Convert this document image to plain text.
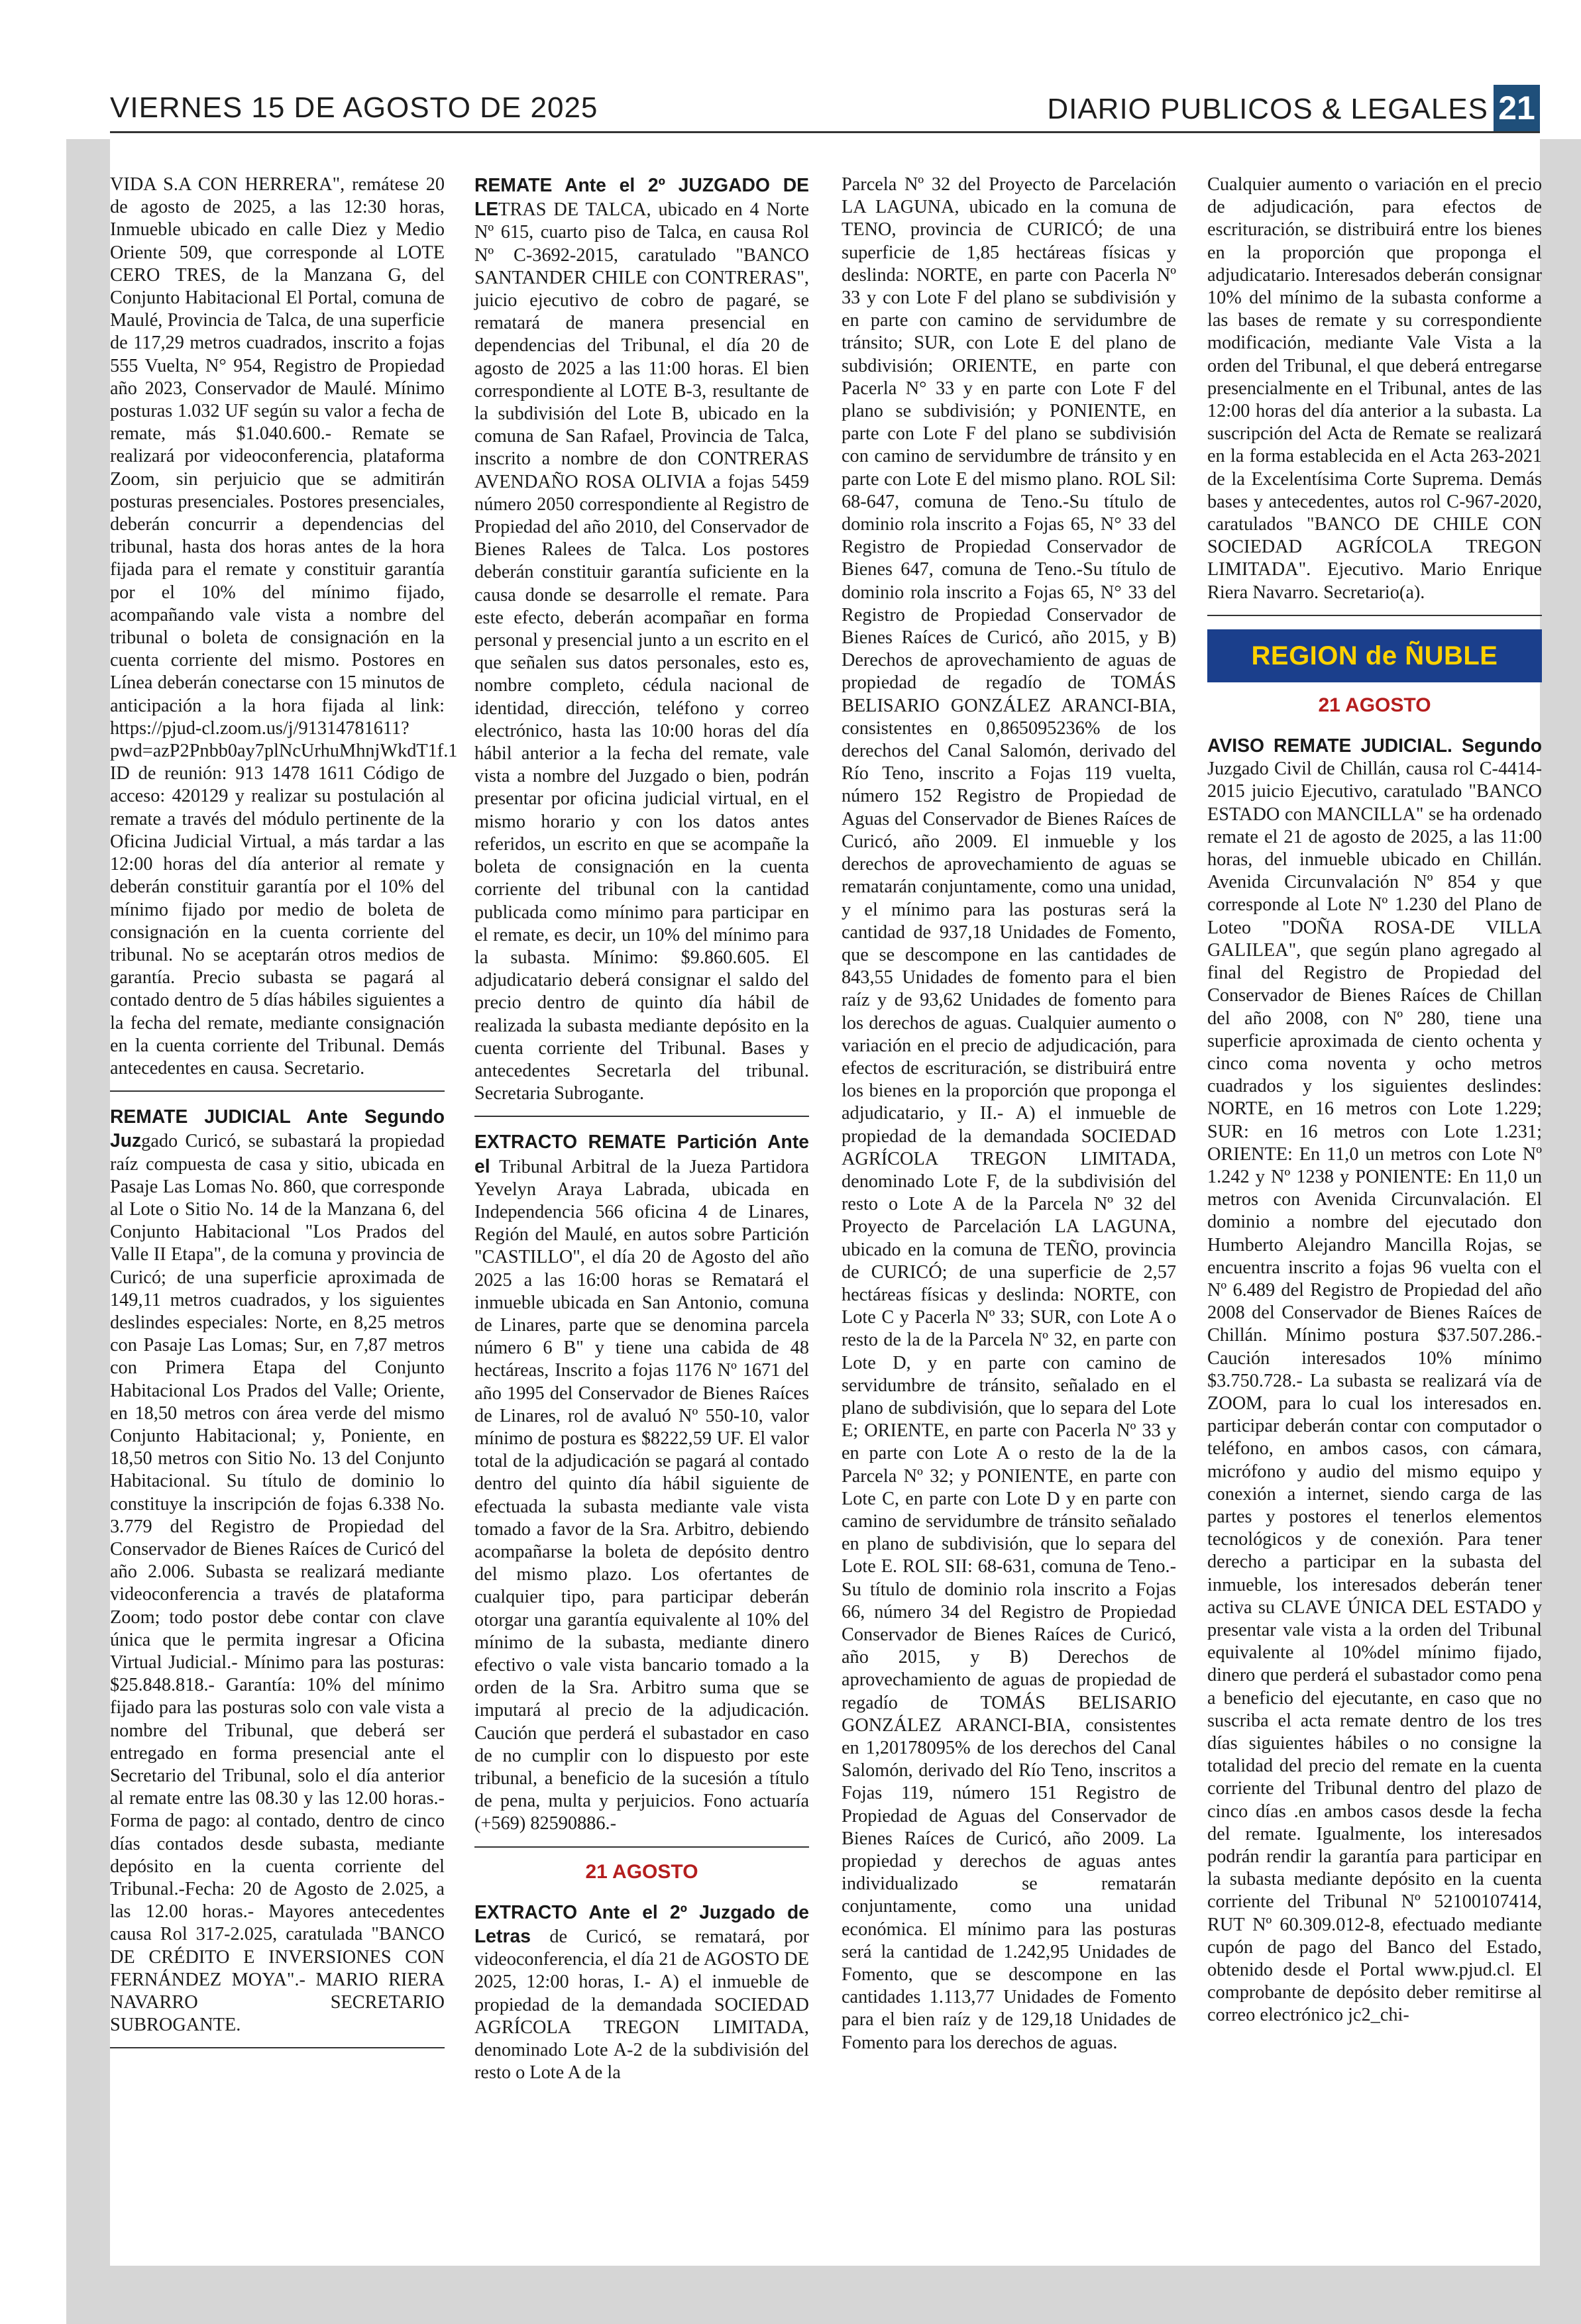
VIERNES 15 DE AGOSTO DE 2025	DIARIO PUBLICOS & LEGALES 21

VIDA S.A CON HERRERA", remátese 20 de agosto de 2025, a las 12:30 horas, Inmueble ubicado en calle Diez y Medio Oriente 509, que corresponde al LOTE CERO TRES, de la Manzana G, del Conjunto Habitacional El Portal, comuna de Maulé, Provincia de Talca, de una superficie de 117,29 metros cuadrados, inscrito a fojas 555 Vuelta, N° 954, Registro de Propiedad año 2023, Conservador de Maulé. Mínimo posturas 1.032 UF según su valor a fecha de remate, más $1.040.600.- Remate se realizará por videoconferencia, plataforma Zoom, sin perjuicio que se admitirán posturas presenciales. Postores presenciales, deberán concurrir a dependencias del tribunal, hasta dos horas antes de la hora fijada para el remate y constituir garantía por el 10% del mínimo fijado, acompañando vale vista a nombre del tribunal o boleta de consignación en la cuenta corriente del mismo. Postores en Línea deberán conectarse con 15 minutos de anticipación a la hora fijada al link: https://pjud-cl.zoom.us/j/91314781611?pwd=azP2Pnbb0ay7plNcUrhuMhnjWkdT1f.1 ID de reunión: 913 1478 1611 Código de acceso: 420129 y realizar su postulación al remate a través del módulo pertinente de la Oficina Judicial Virtual, a más tardar a las 12:00 horas del día anterior al remate y deberán constituir garantía por el 10% del mínimo fijado por medio de boleta de consignación en la cuenta corriente del tribunal. No se aceptarán otros medios de garantía. Precio subasta se pagará al contado dentro de 5 días hábiles siguientes a la fecha del remate, mediante consignación en la cuenta corriente del Tribunal. Demás antecedentes en causa. Secretario.

REMATE JUDICIAL Ante Segundo Juzgado Curicó, se subastará la propiedad raíz compuesta de casa y sitio, ubicada en Pasaje Las Lomas No. 860, que corresponde al Lote o Sitio No. 14 de la Manzana 6, del Conjunto Habitacional "Los Prados del Valle II Etapa", de la comuna y provincia de Curicó; de una superficie aproximada de 149,11 metros cuadrados, y los siguientes deslindes especiales: Norte, en 8,25 metros con Pasaje Las Lomas; Sur, en 7,87 metros con Primera Etapa del Conjunto Habitacional Los Prados del Valle; Oriente, en 18,50 metros con área verde del mismo Conjunto Habitacional; y, Poniente, en 18,50 metros con Sitio No. 13 del Conjunto Habitacional. Su título de dominio lo constituye la inscripción de fojas 6.338 No. 3.779 del Registro de Propiedad del Conservador de Bienes Raíces de Curicó del año 2.006. Subasta se realizará mediante videoconferencia a través de plataforma Zoom; todo postor debe contar con clave única que le permita ingresar a Oficina Virtual Judicial.- Mínimo para las posturas: $25.848.818.- Garantía: 10% del mínimo fijado para las posturas solo con vale vista a nombre del Tribunal, que deberá ser entregado en forma presencial ante el Secretario del Tribunal, solo el día anterior al remate entre las 08.30 y las 12.00 horas.- Forma de pago: al contado, dentro de cinco días contados desde subasta, mediante depósito en la cuenta corriente del Tribunal.-Fecha: 20 de Agosto de 2.025, a las 12.00 horas.- Mayores antecedentes causa Rol 317-2.025, caratulada "BANCO DE CRÉDITO E INVERSIONES CON FERNÁNDEZ MOYA".- MARIO RIERA NAVARRO SECRETARIO SUBROGANTE.

REMATE Ante el 2º JUZGADO DE LETRAS DE TALCA, ubicado en 4 Norte Nº 615, cuarto piso de Talca, en causa Rol Nº C-3692-2015, caratulado "BANCO SANTANDER CHILE con CONTRERAS", juicio ejecutivo de cobro de pagaré, se rematará de manera presencial en dependencias del Tribunal, el día 20 de agosto de 2025 a las 11:00 horas. El bien correspondiente al LOTE B-3, resultante de la subdivisión del Lote B, ubicado en la comuna de San Rafael, Provincia de Talca, inscrito a nombre de don CONTRERAS AVENDAÑO ROSA OLIVIA a fojas 5459 número 2050 correspondiente al Registro de Propiedad del año 2010, del Conservador de Bienes Ralees de Talca. Los postores deberán constituir garantía suficiente en la causa donde se desarrolle el remate. Para este efecto, deberán acompañar en forma personal y presencial junto a un escrito en el que señalen sus datos personales, esto es, nombre completo, cédula nacional de identidad, dirección, teléfono y correo electrónico, hasta las 10:00 horas del día hábil anterior a la fecha del remate, vale vista a nombre del Juzgado o bien, podrán presentar por oficina judicial virtual, en el mismo horario y con los datos antes referidos, un escrito en que se acompañe la boleta de consignación en la cuenta corriente del tribunal con la cantidad publicada como mínimo para participar en el remate, es decir, un 10% del mínimo para la subasta. Mínimo: $9.860.605. El adjudicatario deberá consignar el saldo del precio dentro de quinto día hábil de realizada la subasta mediante depósito en la cuenta corriente del Tribunal. Bases y antecedentes Secretarla del tribunal. Secretaria Subrogante.

EXTRACTO REMATE Partición Ante el Tribunal Arbitral de la Jueza Partidora Yevelyn Araya Labrada, ubicada en Independencia 566 oficina 4 de Linares, Región del Maulé, en autos sobre Partición "CASTILLO", el día 20 de Agosto del año 2025 a las 16:00 horas se Rematará el inmueble ubicada en San Antonio, comuna de Linares, parte que se denomina parcela número 6 B" y tiene una cabida de 48 hectáreas, Inscrito a fojas 1176 Nº 1671 del año 1995 del Conservador de Bienes Raíces de Linares, rol de avaluó Nº 550-10, valor mínimo de postura es $8222,59 UF. El valor total de la adjudicación se pagará al contado dentro del quinto día hábil siguiente de efectuada la subasta mediante vale vista tomado a favor de la Sra. Arbitro, debiendo acompañarse la boleta de depósito dentro del mismo plazo. Los ofertantes de cualquier tipo, para participar deberán otorgar una garantía equivalente al 10% del mínimo de la subasta, mediante dinero efectivo o vale vista bancario tomado a la orden de la Sra. Arbitro suma que se imputará al precio de la adjudicación. Caución que perderá el subastador en caso de no cumplir con lo dispuesto por este tribunal, a beneficio de la sucesión a título de pena, multa y perjuicios. Fono actuaría (+569) 82590886.-

21 AGOSTO

EXTRACTO Ante el 2º Juzgado de Letras de Curicó, se rematará, por videoconferencia, el día 21 de AGOSTO DE 2025, 12:00 horas, I.- A) el inmueble de propiedad de la demandada SOCIEDAD AGRÍCOLA TREGON LIMITADA, denominado Lote A-2 de la subdivisión del resto o Lote A de la

Parcela Nº 32 del Proyecto de Parcelación LA LAGUNA, ubicado en la comuna de TENO, provincia de CURICÓ; de una superficie de 1,85 hectáreas físicas y deslinda: NORTE, en parte con Pacerla Nº 33 y con Lote F del plano se subdivisión y en parte con camino de servidumbre de tránsito; SUR, con Lote E del plano de subdivisión; ORIENTE, en parte con Pacerla N° 33 y en parte con Lote F del plano se subdivisión; y PONIENTE, en parte con Lote F del plano se subdivisión con camino de servidumbre de tránsito y en parte con Lote E del mismo plano. ROL Sil: 68-647, comuna de Teno.-Su título de dominio rola inscrito a Fojas 65, N° 33 del Registro de Propiedad Conservador de Bienes 647, comuna de Teno.-Su título de dominio rola inscrito a Fojas 65, N° 33 del Registro de Propiedad Conservador de Bienes Raíces de Curicó, año 2015, y B) Derechos de aprovechamiento de aguas de propiedad de regadío de TOMÁS BELISARIO GONZÁLEZ ARANCI-BIA, consistentes en 0,865095236% de los derechos del Canal Salomón, derivado del Río Teno, inscrito a Fojas 119 vuelta, número 152 Registro de Propiedad de Aguas del Conservador de Bienes Raíces de Curicó, año 2009. El inmueble y los derechos de aprovechamiento de aguas se rematarán conjuntamente, como una unidad, y el mínimo para las posturas será la cantidad de 937,18 Unidades de Fomento, que se descompone en las cantidades de 843,55 Unidades de fomento para el bien raíz y de 93,62 Unidades de fomento para los derechos de aguas. Cualquier aumento o variación en el precio de adjudicación, para efectos de escrituración, se distribuirá entre los bienes en la proporción que proponga el adjudicatario, y II.- A) el inmueble de propiedad de la demandada SOCIEDAD AGRÍCOLA TREGON LIMITADA, denominado Lote F, de la subdivisión del resto o Lote A de la Parcela Nº 32 del Proyecto de Parcelación LA LAGUNA, ubicado en la comuna de TEÑO, provincia de CURICÓ; de una superficie de 2,57 hectáreas físicas y deslinda: NORTE, con Lote C y Pacerla Nº 33; SUR, con Lote A o resto de la de la Parcela Nº 32, en parte con Lote D, y en parte con camino de servidumbre de tránsito, señalado en el plano de subdivisión, que lo separa del Lote E; ORIENTE, en parte con Pacerla Nº 33 y en parte con Lote A o resto de la de la Parcela Nº 32; y PONIENTE, en parte con Lote C, en parte con Lote D y en parte con camino de servidumbre de tránsito señalado en plano de subdivisión, que lo separa del Lote E. ROL SII: 68-631, comuna de Teno.- Su título de dominio rola inscrito a Fojas 66, número 34 del Registro de Propiedad Conservador de Bienes Raíces de Curicó, año 2015, y B) Derechos de aprovechamiento de aguas de propiedad de regadío de TOMÁS BELISARIO GONZÁLEZ ARANCI-BIA, consistentes en 1,20178095% de los derechos del Canal Salomón, derivado del Río Teno, inscritos a Fojas 119, número 151 Registro de Propiedad de Aguas del Conservador de Bienes Raíces de Curicó, año 2009. La propiedad y derechos de aguas antes individualizado se rematarán conjuntamente, como una unidad económica. El mínimo para las posturas será la cantidad de 1.242,95 Unidades de Fomento, que se descompone en las cantidades 1.113,77 Unidades de Fomento para el bien raíz y de 129,18 Unidades de Fomento para los derechos de aguas.

Cualquier aumento o variación en el precio de adjudicación, para efectos de escrituración, se distribuirá entre los bienes en la proporción que proponga el adjudicatario. Interesados deberán consignar 10% del mínimo de la subasta conforme a las bases de remate y su correspondiente modificación, mediante Vale Vista a la orden del Tribunal, el que deberá entregarse presencialmente en el Tribunal, antes de las 12:00 horas del día anterior a la subasta. La suscripción del Acta de Remate se realizará en la forma establecida en el Acta 263-2021 de la Excelentísima Corte Suprema. Demás bases y antecedentes, autos rol C-967-2020, caratulados "BANCO DE CHILE CON SOCIEDAD AGRÍCOLA TREGON LIMITADA". Ejecutivo. Mario Enrique Riera Navarro. Secretario(a).

REGION de ÑUBLE
21 AGOSTO

AVISO REMATE JUDICIAL. Segundo Juzgado Civil de Chillán, causa rol C-4414-2015 juicio Ejecutivo, caratulado "BANCO ESTADO con MANCILLA" se ha ordenado remate el 21 de agosto de 2025, a las 11:00 horas, del inmueble ubicado en Chillán. Avenida Circunvalación Nº 854 y que corresponde al Lote Nº 1.230 del Plano de Loteo "DOÑA ROSA-DE VILLA GALILEA", que según plano agregado al final del Registro de Propiedad del Conservador de Bienes Raíces de Chillan del año 2008, con Nº 280, tiene una superficie aproximada de ciento ochenta y cinco coma noventa y ocho metros cuadrados y los siguientes deslindes: NORTE, en 16 metros con Lote 1.229; SUR: en 16 metros con Lote 1.231; ORIENTE: En 11,0 un metros con Lote Nº 1.242 y Nº 1238 y PONIENTE: En 11,0 un metros con Avenida Circunvalación. El dominio a nombre del ejecutado don Humberto Alejandro Mancilla Rojas, se encuentra inscrito a fojas 96 vuelta con el Nº 6.489 del Registro de Propiedad del año 2008 del Conservador de Bienes Raíces de Chillán. Mínimo postura $37.507.286.- Caución interesados 10% mínimo $3.750.728.- La subasta se realizará vía de ZOOM, para lo cual los interesados en. participar deberán contar con computador o teléfono, en ambos casos, con cámara, micrófono y audio del mismo equipo y conexión a internet, siendo carga de las partes y postores el tenerlos elementos tecnológicos y de conexión. Para tener derecho a participar en la subasta del inmueble, los interesados deberán tener activa su CLAVE ÚNICA DEL ESTADO y presentar vale vista a la orden del Tribunal equivalente al 10%del mínimo fijado, dinero que perderá el subastador como pena a beneficio del ejecutante, en caso que no suscriba el acta remate dentro de los tres días siguientes hábiles o no consigne la totalidad del precio del remate en la cuenta corriente del Tribunal dentro del plazo de cinco días .en ambos casos desde la fecha del remate. Igualmente, los interesados podrán rendir la garantía para participar en la subasta mediante depósito en la cuenta corriente del Tribunal Nº 52100107414, RUT Nº 60.309.012-8, efectuado mediante cupón de pago del Banco del Estado, obtenido desde el Portal www.pjud.cl. El comprobante de depósito deber remitirse al correo electrónico jc2_chi-
